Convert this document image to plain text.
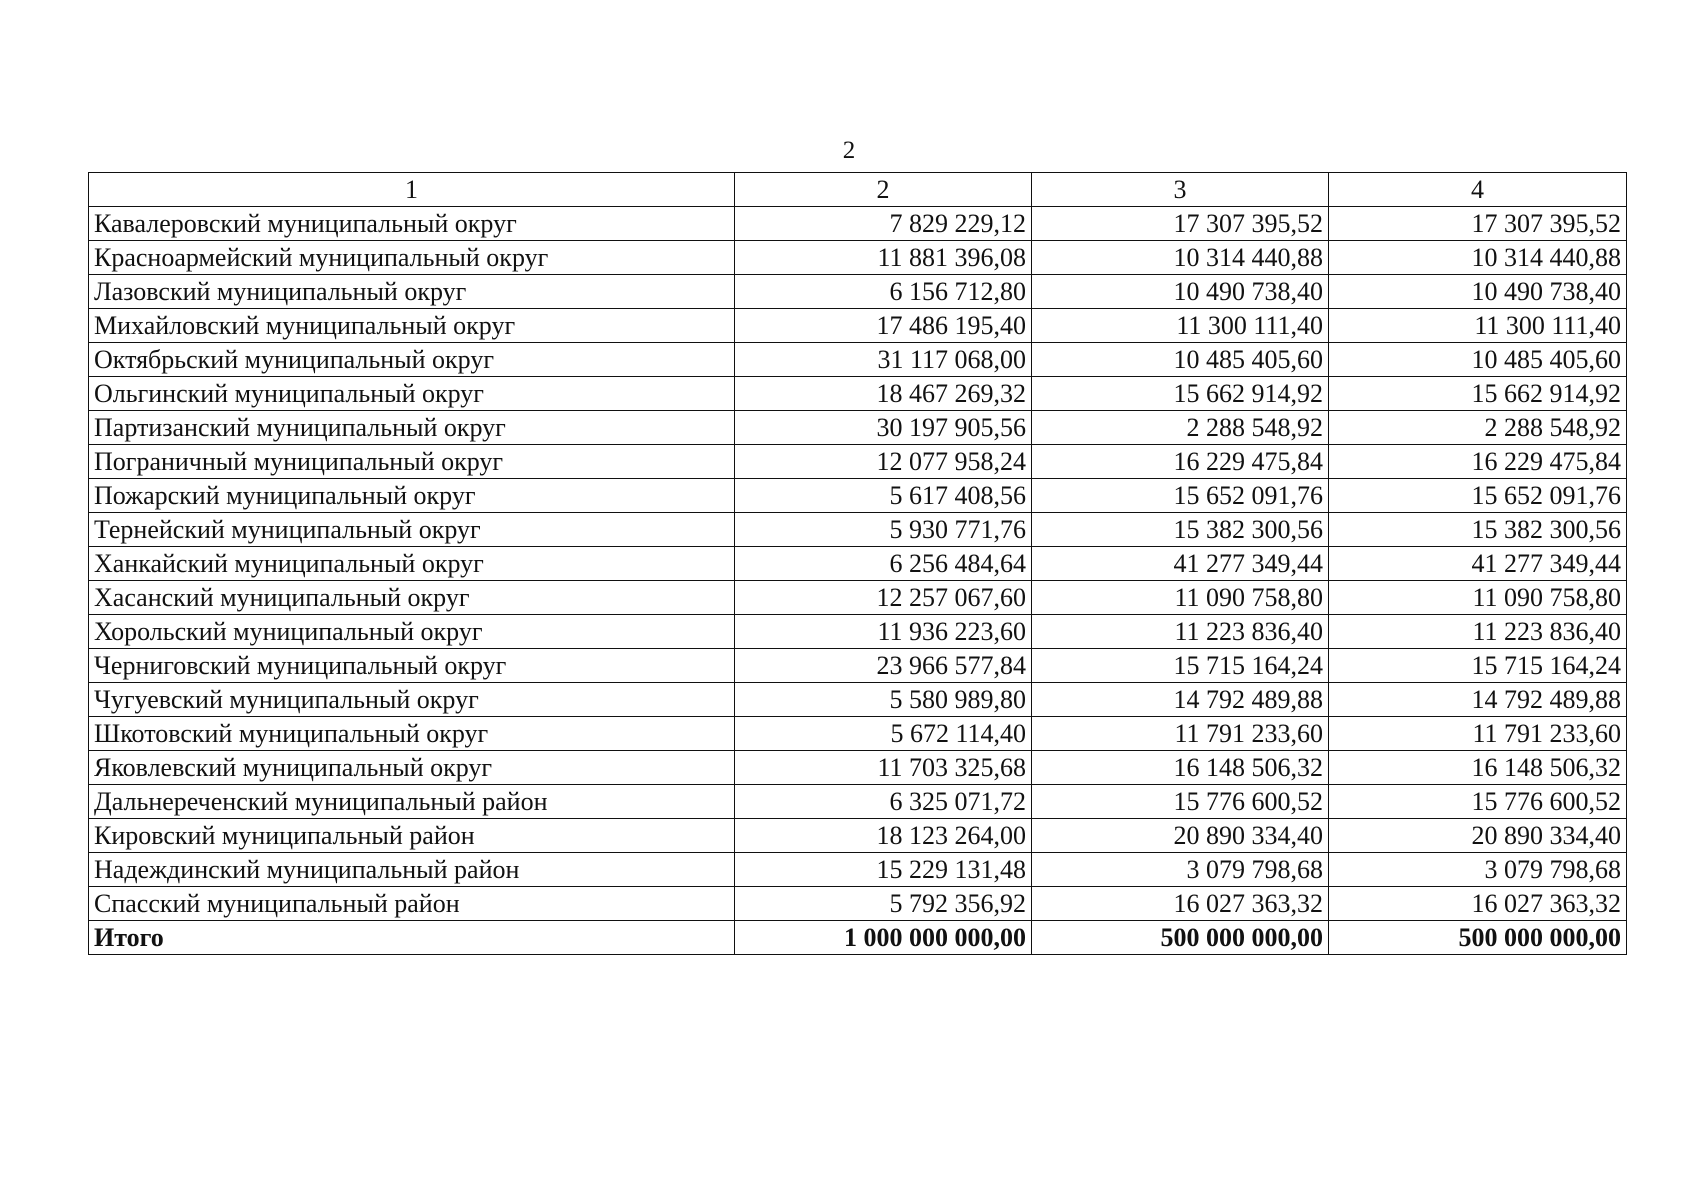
2
1	2	3	4
Кавалеровский муниципальный округ	7 829 229,12	17 307 395,52	17 307 395,52
Красноармейский муниципальный округ	11 881 396,08	10 314 440,88	10 314 440,88
Лазовский муниципальный округ	6 156 712,80	10 490 738,40	10 490 738,40
Михайловский муниципальный округ	17 486 195,40	11 300 111,40	11 300 111,40
Октябрьский муниципальный округ	31 117 068,00	10 485 405,60	10 485 405,60
Ольгинский муниципальный округ	18 467 269,32	15 662 914,92	15 662 914,92
Партизанский муниципальный округ	30 197 905,56	2 288 548,92	2 288 548,92
Пограничный муниципальный округ	12 077 958,24	16 229 475,84	16 229 475,84
Пожарский муниципальный округ	5 617 408,56	15 652 091,76	15 652 091,76
Тернейский муниципальный округ	5 930 771,76	15 382 300,56	15 382 300,56
Ханкайский муниципальный округ	6 256 484,64	41 277 349,44	41 277 349,44
Хасанский муниципальный округ	12 257 067,60	11 090 758,80	11 090 758,80
Хорольский муниципальный округ	11 936 223,60	11 223 836,40	11 223 836,40
Черниговский муниципальный округ	23 966 577,84	15 715 164,24	15 715 164,24
Чугуевский муниципальный округ	5 580 989,80	14 792 489,88	14 792 489,88
Шкотовский муниципальный округ	5 672 114,40	11 791 233,60	11 791 233,60
Яковлевский муниципальный округ	11 703 325,68	16 148 506,32	16 148 506,32
Дальнереченский муниципальный район	6 325 071,72	15 776 600,52	15 776 600,52
Кировский муниципальный район	18 123 264,00	20 890 334,40	20 890 334,40
Надеждинский муниципальный район	15 229 131,48	3 079 798,68	3 079 798,68
Спасский муниципальный район	5 792 356,92	16 027 363,32	16 027 363,32
Итого	1 000 000 000,00	500 000 000,00	500 000 000,00
